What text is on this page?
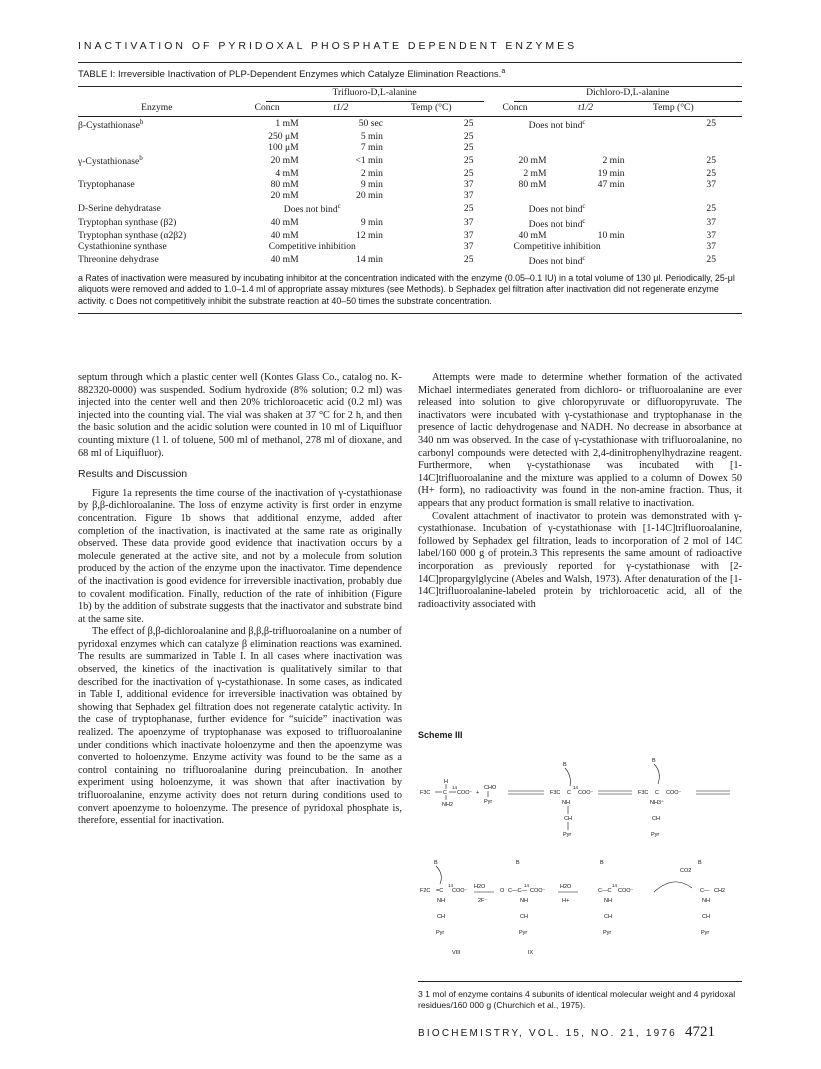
INACTIVATION OF PYRIDOXAL PHOSPHATE DEPENDENT ENZYMES
TABLE I: Irreversible Inactivation of PLP-Dependent Enzymes which Catalyze Elimination Reactions.$^a$

	Trifluoro-D,L-alanine			Dichloro-D,L-alanine		

Enzyme	Concn	t1/2	Temp (°C)	Concn	t1/2	Temp (°C)

β-Cystathionase$^b$	1 mM	50 sec	25	Does not bind$^c$		25
	250 μM	5 min	25			
	100 μM	7 min	25			
γ-Cystathionase$^b$	20 mM	<1 min	25	20 mM	2 min	25
	4 mM	2 min	25	2 mM	19 min	25
Tryptophanase	80 mM	9 min	37	80 mM	47 min	37
	20 mM	20 min	37			
D-Serine dehydratase	Does not bind$^c$		25	Does not bind$^c$		25
Tryptophan synthase (β2)	40 mM	9 min	37	Does not bind$^c$		37
Tryptophan synthase (α2β2)	40 mM	12 min	37	40 mM	10 min	37
Cystathionine synthase	Competitive inhibition		37	Competitive inhibition		37
Threonine dehydrase	40 mM	14 min	25	Does not bind$^c$		25
a Rates of inactivation were measured by incubating inhibitor at the concentration indicated with the enzyme (0.05–0.1 IU) in a total volume of 130 μl. Periodically, 25-μl aliquots were removed and added to 1.0–1.4 ml of appropriate assay mixtures (see Methods). b Sephadex gel filtration after inactivation did not regenerate enzyme activity. c Does not competitively inhibit the substrate reaction at 40–50 times the substrate concentration.

septum through which a plastic center well (Kontes Glass Co., catalog no. K-882320-0000) was suspended. Sodium hydroxide (8% solution; 0.2 ml) was injected into the center well and then 20% trichloroacetic acid (0.2 ml) was injected into the counting vial. The vial was shaken at 37 °C for 2 h, and then the basic solution and the acidic solution were counted in 10 ml of Liquifluor counting mixture (1 l. of toluene, 500 ml of methanol, 278 ml of dioxane, and 68 ml of Liquifluor).

Results and Discussion

Figure 1a represents the time course of the inactivation of γ-cystathionase by β,β-dichloroalanine. The loss of enzyme activity is first order in enzyme concentration. Figure 1b shows that additional enzyme, added after completion of the inactivation, is inactivated at the same rate as originally observed. These data provide good evidence that inactivation occurs by a molecule generated at the active site, and not by a molecule from solution produced by the action of the enzyme upon the inactivator. Time dependence of the inactivation is good evidence for irreversible inactivation, probably due to covalent modification. Finally, reduction of the rate of inhibition (Figure 1b) by the addition of substrate suggests that the inactivator and substrate bind at the same site.

The effect of β,β-dichloroalanine and β,β,β-trifluoroalanine on a number of pyridoxal enzymes which can catalyze β elimination reactions was examined. The results are summarized in Table I. In all cases where inactivation was observed, the kinetics of the inactivation is qualitatively similar to that described for the inactivation of γ-cystathionase. In some cases, as indicated in Table I, additional evidence for irreversible inactivation was obtained by showing that Sephadex gel filtration does not regenerate catalytic activity. In the case of tryptophanase, further evidence for “suicide” inactivation was realized. The apoenzyme of tryptophanase was exposed to trifluoroalanine under conditions which inactivate holoenzyme and then the apoenzyme was converted to holoenzyme. Enzyme activity was found to be the same as a control containing no trifluoroalanine during preincubation. In another experiment using holoenzyme, it was shown that after inactivation by trifluoroalanine, enzyme activity does not return during conditions used to convert apoenzyme to holoenzyme. The presence of pyridoxal phosphate is, therefore, essential for inactivation.

Attempts were made to determine whether formation of the activated Michael intermediates generated from dichloro- or trifluoroalanine are ever released into solution to give chloropyruvate or difluoropyruvate. The inactivators were incubated with γ-cystathionase and tryptophanase in the presence of lactic dehydrogenase and NADH. No decrease in absorbance at 340 nm was observed. In the case of γ-cystathionase with trifluoroalanine, no carbonyl compounds were detected with 2,4-dinitrophenylhydrazine reagent. Furthermore, when γ-cystathionase was incubated with [1-14C]trifluoroalanine and the mixture was applied to a column of Dowex 50 (H+ form), no radioactivity was found in the non-amine fraction. Thus, it appears that any product formation is small relative to inactivation.

Covalent attachment of inactivator to protein was demonstrated with γ-cystathionase. Incubation of γ-cystathionase with [1-14C]trifluoroalanine, followed by Sephadex gel filtration, leads to incorporation of 2 mol of 14C label/160 000 g of protein.3 This represents the same amount of radioactive incorporation as previously reported for γ-cystathionase with [2-14C]propargylglycine (Abeles and Walsh, 1973). After denaturation of the [1-14C]trifluoroalanine-labeled protein by trichloroacetic acid, all of the radioactivity associated with

Scheme III
F3C C
H
NH2
14
COO⁻ +
CHO
Pyr
F3C C
14
COO⁻
NH
CH
Pyr
B
F3C C COO⁻
NH3⁺
CH
Pyr
B
F2C =C
14
COO⁻
NH
CH
Pyr
B
H2O
2F⁻
O C—C—
14
COO⁻
NH
CH
Pyr
B
H2O
H+
C—C
14
COO⁻
NH
CH
Pyr
B
CO2
C— CH2
NH
CH
Pyr
B
VIII	IX
3 1 mol of enzyme contains 4 subunits of identical molecular weight and 4 pyridoxal residues/160 000 g (Churchich et al., 1975).
BIOCHEMISTRY, VOL. 15, NO. 21, 1976 4721
